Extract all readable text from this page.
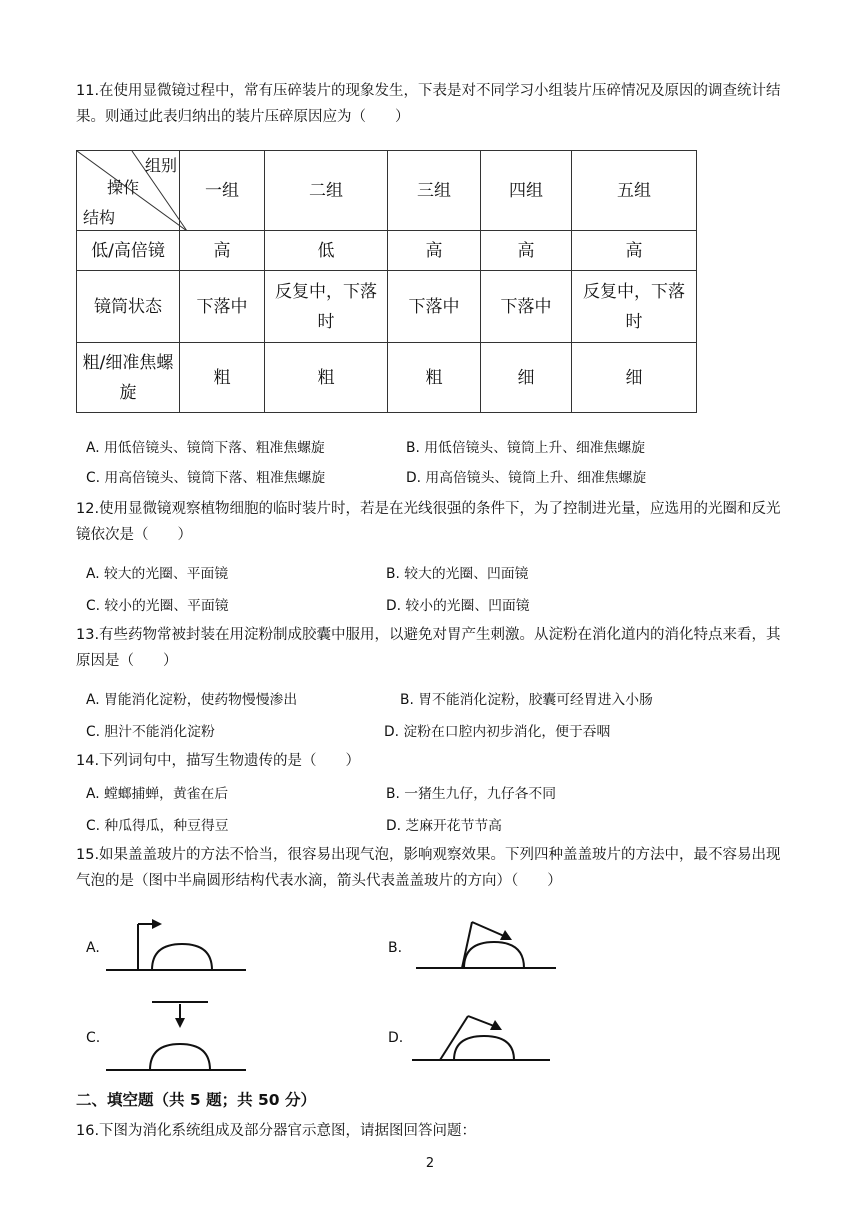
11.在使用显微镜过程中，常有压碎装片的现象发生，下表是对不同学习小组装片压碎情况及原因的调查统计结果。则通过此表归纳出的装片压碎原因应为（　　）
组别
操作
结构	一组	二组	三组	四组	五组
低/高倍镜	高	低	高	高	高
镜筒状态	下落中	反复中，下落时	下落中	下落中	反复中，下落时
粗/细准焦螺旋	粗	粗	粗	细	细
A. 用低倍镜头、镜筒下落、粗准焦螺旋	B. 用低倍镜头、镜筒上升、细准焦螺旋
C. 用高倍镜头、镜筒下落、粗准焦螺旋	D. 用高倍镜头、镜筒上升、细准焦螺旋
12.使用显微镜观察植物细胞的临时装片时，若是在光线很强的条件下，为了控制进光量，应选用的光圈和反光镜依次是（　　）
A. 较大的光圈、平面镜	B. 较大的光圈、凹面镜
C. 较小的光圈、平面镜	D. 较小的光圈、凹面镜
13.有些药物常被封装在用淀粉制成胶囊中服用，以避免对胃产生刺激。从淀粉在消化道内的消化特点来看，其原因是（　　）
A. 胃能消化淀粉，使药物慢慢渗出	B. 胃不能消化淀粉，胶囊可经胃进入小肠
C. 胆汁不能消化淀粉	D. 淀粉在口腔内初步消化，便于吞咽
14.下列词句中，描写生物遗传的是（　　）
A. 螳螂捕蝉，黄雀在后	B. 一猪生九仔，九仔各不同
C. 种瓜得瓜，种豆得豆	D. 芝麻开花节节高
15.如果盖盖玻片的方法不恰当，很容易出现气泡，影响观察效果。下列四种盖盖玻片的方法中，最不容易出现气泡的是（图中半扁圆形结构代表水滴，箭头代表盖盖玻片的方向）（　　）
A.	B.
C.	D.
二、填空题（共 5 题；共 50 分）
16.下图为消化系统组成及部分器官示意图，请据图回答问题：
2
